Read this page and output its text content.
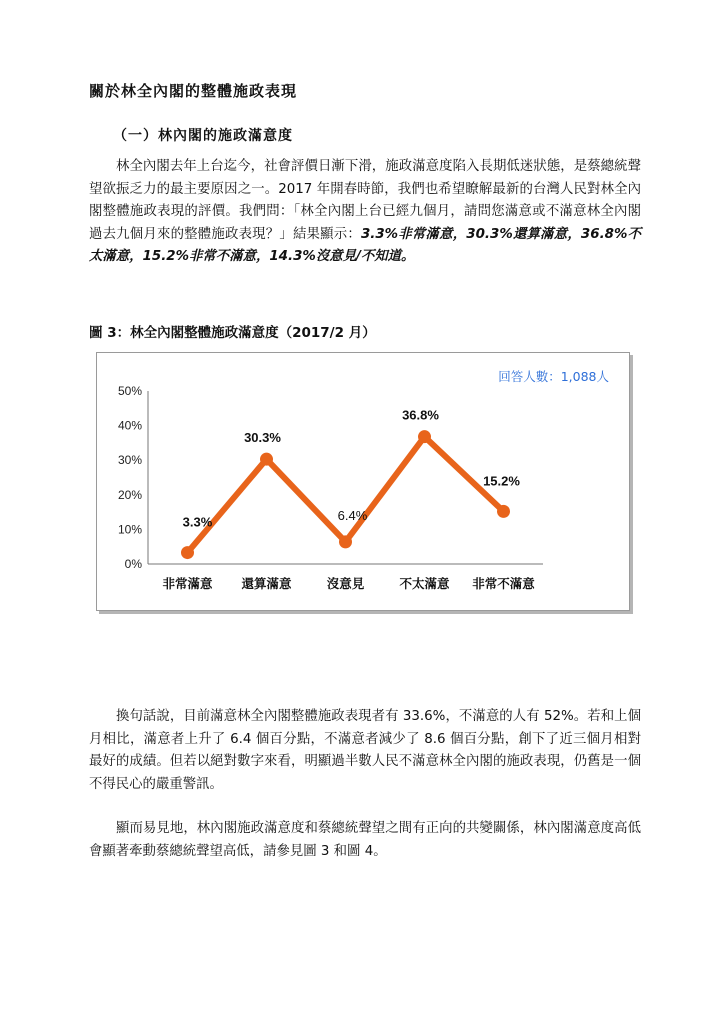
關於林全內閣的整體施政表現
（一）林內閣的施政滿意度
林全內閣去年上台迄今，社會評價日漸下滑，施政滿意度陷入長期低迷狀態，是蔡總統聲望欲振乏力的最主要原因之一。2017 年開春時節，我們也希望瞭解最新的台灣人民對林全內閣整體施政表現的評價。我們問：「林全內閣上台已經九個月，請問您滿意或不滿意林全內閣過去九個月來的整體施政表現？」結果顯示：3.3%非常滿意，30.3%還算滿意，36.8%不太滿意，15.2%非常不滿意，14.3%沒意見/不知道。
圖 3：林全內閣整體施政滿意度（2017/2 月）
0%
10%
20%
30%
40%
50%
非常滿意 還算滿意	沒意見	不太滿意 非常不滿意
3.3%
30.3%
6.4%
36.8%
15.2%
回答人數：1,088人
換句話說，目前滿意林全內閣整體施政表現者有 33.6%，不滿意的人有 52%。若和上個月相比，滿意者上升了 6.4 個百分點，不滿意者減少了 8.6 個百分點，創下了近三個月相對最好的成績。但若以絕對數字來看，明顯過半數人民不滿意林全內閣的施政表現，仍舊是一個不得民心的嚴重警訊。
顯而易見地，林內閣施政滿意度和蔡總統聲望之間有正向的共變關係，林內閣滿意度高低會顯著牽動蔡總統聲望高低，請參見圖 3 和圖 4。
